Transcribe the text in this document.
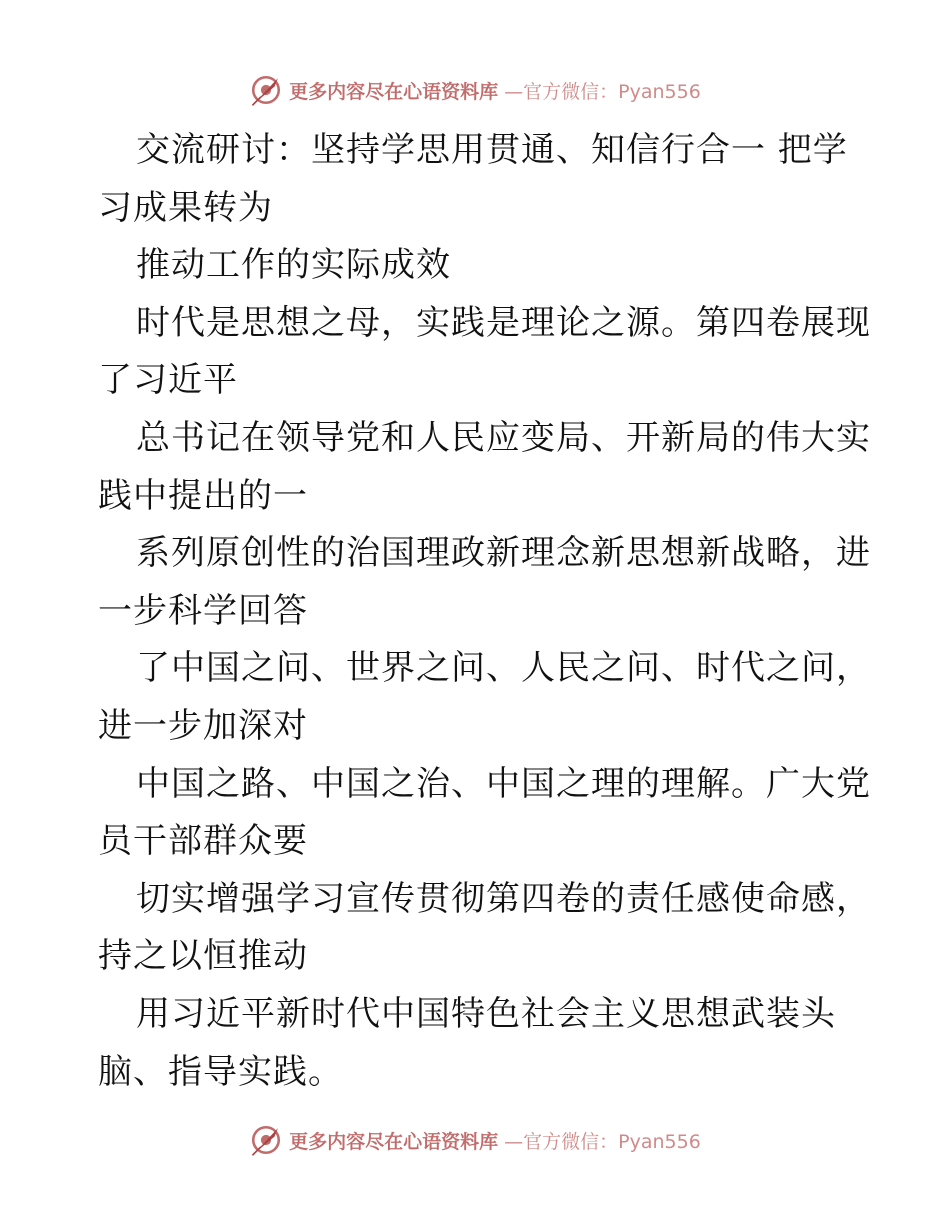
更多内容尽在心语资料库 —官方微信：Pyan556
交流研讨：坚持学思用贯通、知信行合一 把学
习成果转为
推动工作的实际成效
时代是思想之母，实践是理论之源。第四卷展现
了习近平
总书记在领导党和人民应变局、开新局的伟大实
践中提出的一
系列原创性的治国理政新理念新思想新战略，进
一步科学回答
了中国之问、世界之问、人民之问、时代之问，
进一步加深对
中国之路、中国之治、中国之理的理解。广大党
员干部群众要
切实增强学习宣传贯彻第四卷的责任感使命感，
持之以恒推动
用习近平新时代中国特色社会主义思想武装头
脑、指导实践。
更多内容尽在心语资料库 —官方微信：Pyan556
